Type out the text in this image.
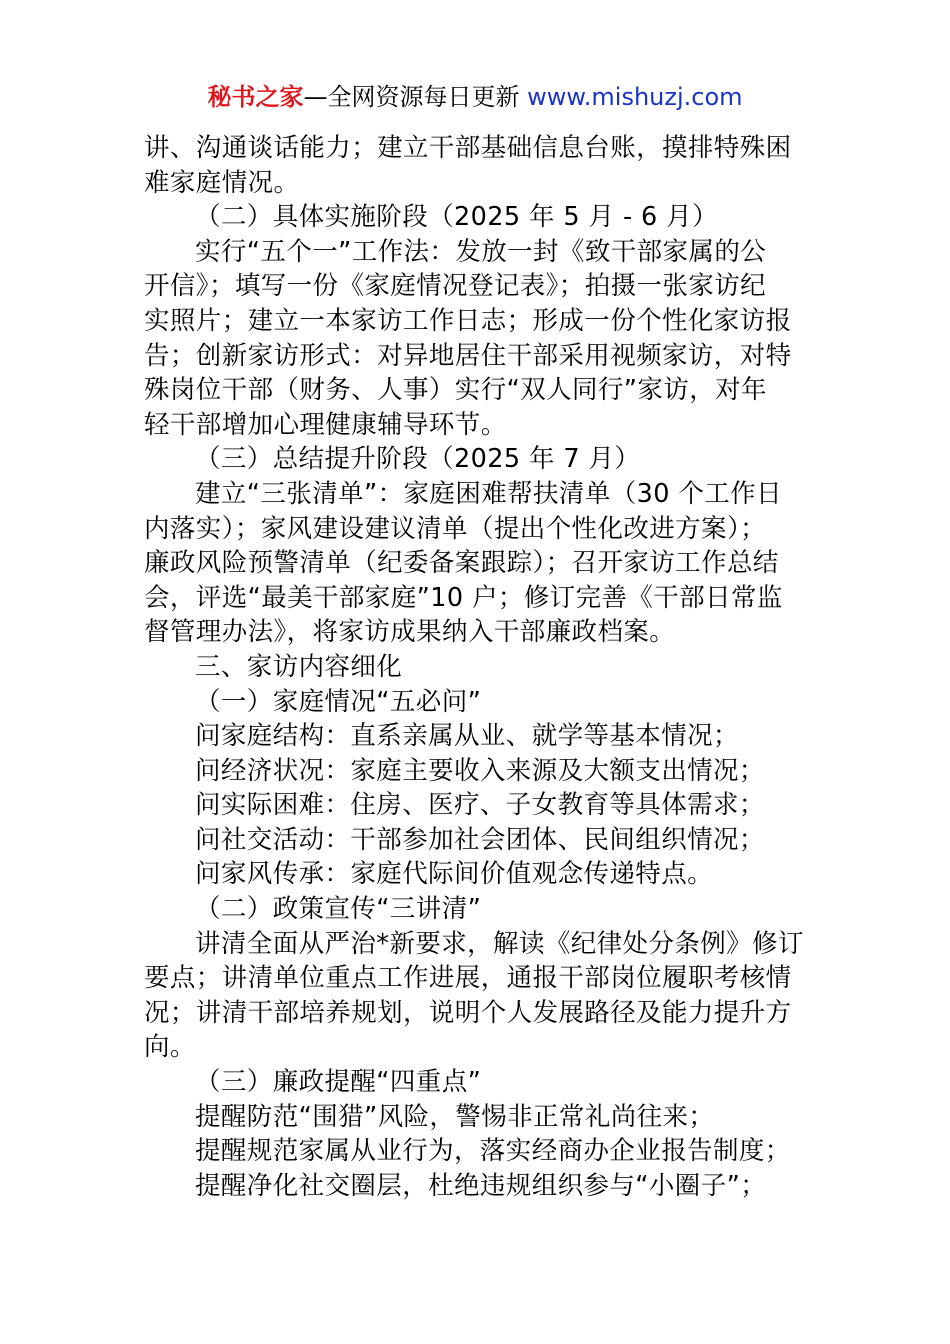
秘书之家—全网资源每日更新 www.mishuzj.com
讲、沟通谈话能力；建立干部基础信息台账，摸排特殊困
难家庭情况。
（二）具体实施阶段（2025 年 5 月 - 6 月）
实行“五个一”工作法：发放一封《致干部家属的公
开信》；填写一份《家庭情况登记表》；拍摄一张家访纪
实照片；建立一本家访工作日志；形成一份个性化家访报
告；创新家访形式：对异地居住干部采用视频家访，对特
殊岗位干部（财务、人事）实行“双人同行”家访，对年
轻干部增加心理健康辅导环节。
（三）总结提升阶段（2025 年 7 月）
建立“三张清单”：家庭困难帮扶清单（30 个工作日
内落实）；家风建设建议清单（提出个性化改进方案）；
廉政风险预警清单（纪委备案跟踪）；召开家访工作总结
会，评选“最美干部家庭”10 户；修订完善《干部日常监
督管理办法》，将家访成果纳入干部廉政档案。
三、家访内容细化
（一）家庭情况“五必问”
问家庭结构：直系亲属从业、就学等基本情况；
问经济状况：家庭主要收入来源及大额支出情况；
问实际困难：住房、医疗、子女教育等具体需求；
问社交活动：干部参加社会团体、民间组织情况；
问家风传承：家庭代际间价值观念传递特点。
（二）政策宣传“三讲清”
讲清全面从严治*新要求，解读《纪律处分条例》修订
要点；讲清单位重点工作进展，通报干部岗位履职考核情
况；讲清干部培养规划，说明个人发展路径及能力提升方
向。
（三）廉政提醒“四重点”
提醒防范“围猎”风险，警惕非正常礼尚往来；
提醒规范家属从业行为，落实经商办企业报告制度；
提醒净化社交圈层，杜绝违规组织参与“小圈子”；
